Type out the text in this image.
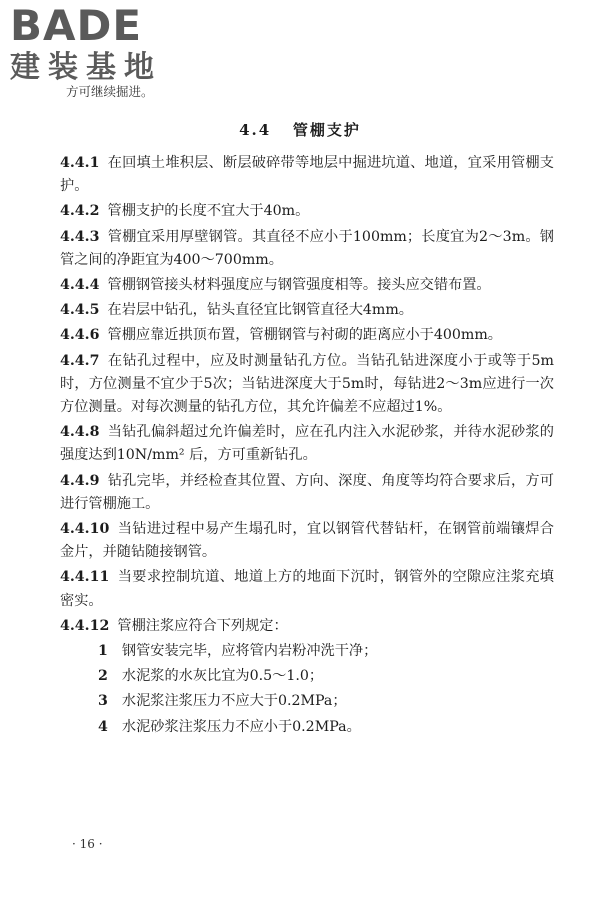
BADE
建装基地

方可继续掘进。

4.4 管棚支护

4.4.1 在回填土堆积层、断层破碎带等地层中掘进坑道、地道，宜采用管棚支护。

4.4.2 管棚支护的长度不宜大于40m。

4.4.3 管棚宜采用厚壁钢管。其直径不应小于100mm；长度宜为2～3m。钢管之间的净距宜为400～700mm。

4.4.4 管棚钢管接头材料强度应与钢管强度相等。接头应交错布置。

4.4.5 在岩层中钻孔，钻头直径宜比钢管直径大4mm。

4.4.6 管棚应靠近拱顶布置，管棚钢管与衬砌的距离应小于400mm。

4.4.7 在钻孔过程中，应及时测量钻孔方位。当钻孔钻进深度小于或等于5m时，方位测量不宜少于5次；当钻进深度大于5m时，每钻进2～3m应进行一次方位测量。对每次测量的钻孔方位，其允许偏差不应超过1%。

4.4.8 当钻孔偏斜超过允许偏差时，应在孔内注入水泥砂浆，并待水泥砂浆的强度达到10N/mm² 后，方可重新钻孔。

4.4.9 钻孔完毕，并经检查其位置、方向、深度、角度等均符合要求后，方可进行管棚施工。

4.4.10 当钻进过程中易产生塌孔时，宜以钢管代替钻杆，在钢管前端镶焊合金片，并随钻随接钢管。

4.4.11 当要求控制坑道、地道上方的地面下沉时，钢管外的空隙应注浆充填密实。

4.4.12 管棚注浆应符合下列规定：

1 钢管安装完毕，应将管内岩粉冲洗干净；

2 水泥浆的水灰比宜为0.5～1.0；

3 水泥浆注浆压力不应大于0.2MPa；

4 水泥砂浆注浆压力不应小于0.2MPa。

· 16 ·
